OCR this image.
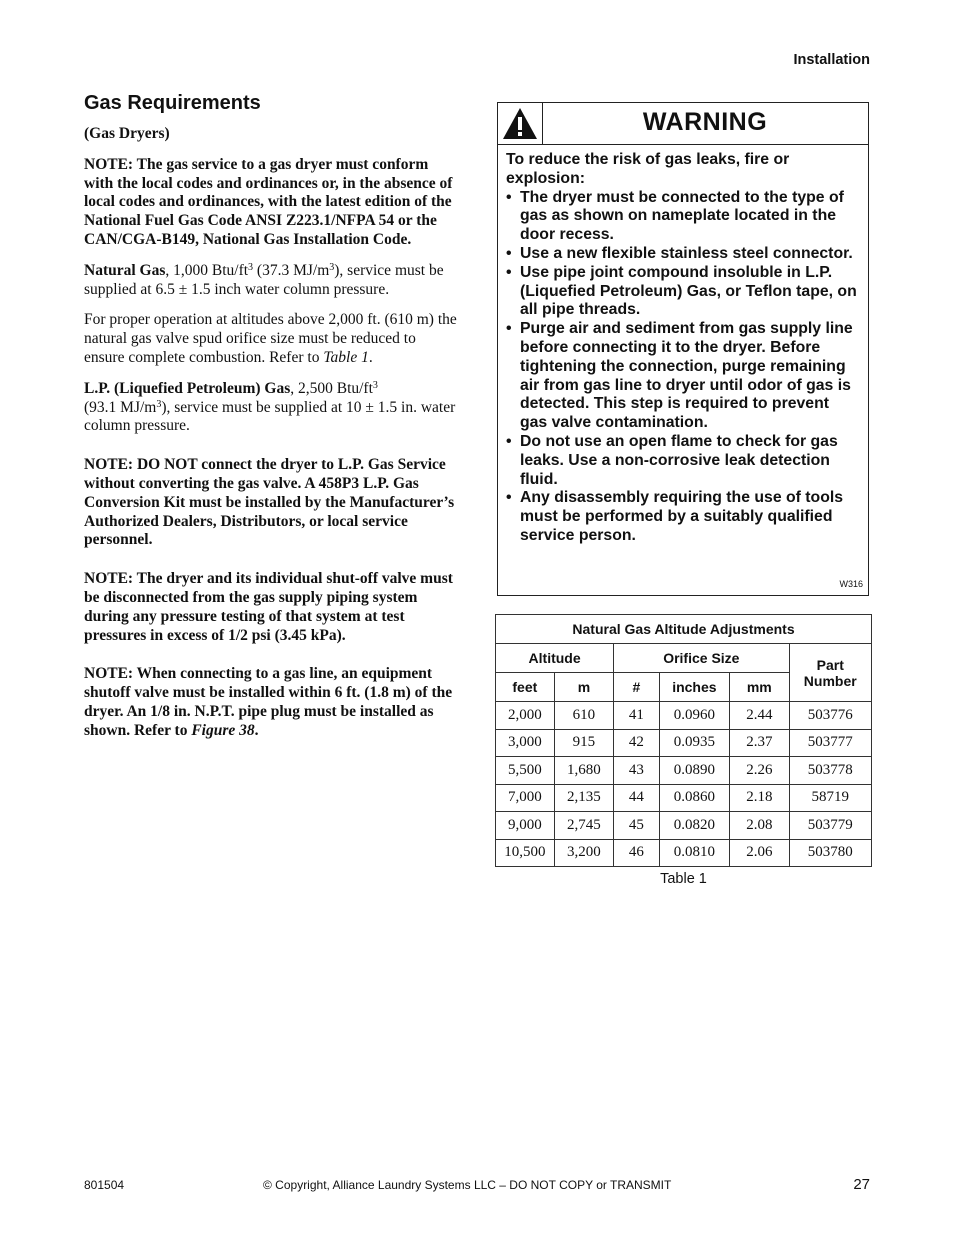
Installation
Gas Requirements

(Gas Dryers)

NOTE: The gas service to a gas dryer must conform with the local codes and ordinances or, in the absence of local codes and ordinances, with the latest edition of the National Fuel Gas Code ANSI Z223.1/NFPA 54 or the CAN/CGA-B149, National Gas Installation Code.

Natural Gas, 1,000 Btu/$ft^3$ (37.3 $MJ/m^3$), service must be supplied at 6.5 ± 1.5 inch water column pressure.

For proper operation at altitudes above 2,000 ft. (610 m) the natural gas valve spud orifice size must be reduced to ensure complete combustion. Refer to Table 1.

L.P. (Liquefied Petroleum) Gas, 2,500 Btu/$ft^3$
(93.1 $MJ/m^3$), service must be supplied at 10 ± 1.5 in. water column pressure.

NOTE: DO NOT connect the dryer to L.P. Gas Service without converting the gas valve. A 458P3 L.P. Gas Conversion Kit must be installed by the Manufacturer’s Authorized Dealers, Distributors, or local service personnel.

NOTE: The dryer and its individual shut-off valve must be disconnected from the gas supply piping system during any pressure testing of that system at test pressures in excess of 1/2 psi (3.45 kPa).

NOTE: When connecting to a gas line, an equipment shutoff valve must be installed within 6 ft. (1.8 m) of the dryer. An 1/8 in. N.P.T. pipe plug must be installed as shown. Refer to Figure 38.

WARNING
To reduce the risk of gas leaks, fire or explosion:
• The dryer must be connected to the type of gas as shown on nameplate located in the door recess.
• Use a new flexible stainless steel connector.
• Use pipe joint compound insoluble in L.P. (Liquefied Petroleum) Gas, or Teflon tape, on all pipe threads.
• Purge air and sediment from gas supply line before connecting it to the dryer. Before tightening the connection, purge remaining air from gas line to dryer until odor of gas is detected. This step is required to prevent gas valve contamination.
• Do not use an open flame to check for gas leaks. Use a non-corrosive leak detection fluid.
• Any disassembly requiring the use of tools must be performed by a suitably qualified service person.
W316
Natural Gas Altitude Adjustments					
Altitude		Orifice Size			Part Number
feet	m	#	inches	mm	
2,000	610	41	0.0960	2.44	503776
3,000	915	42	0.0935	2.37	503777
5,500	1,680	43	0.0890	2.26	503778
7,000	2,135	44	0.0860	2.18	58719
9,000	2,745	45	0.0820	2.08	503779
10,500	3,200	46	0.0810	2.06	503780
Table 1
801504	© Copyright, Alliance Laundry Systems LLC – DO NOT COPY or TRANSMIT	27
